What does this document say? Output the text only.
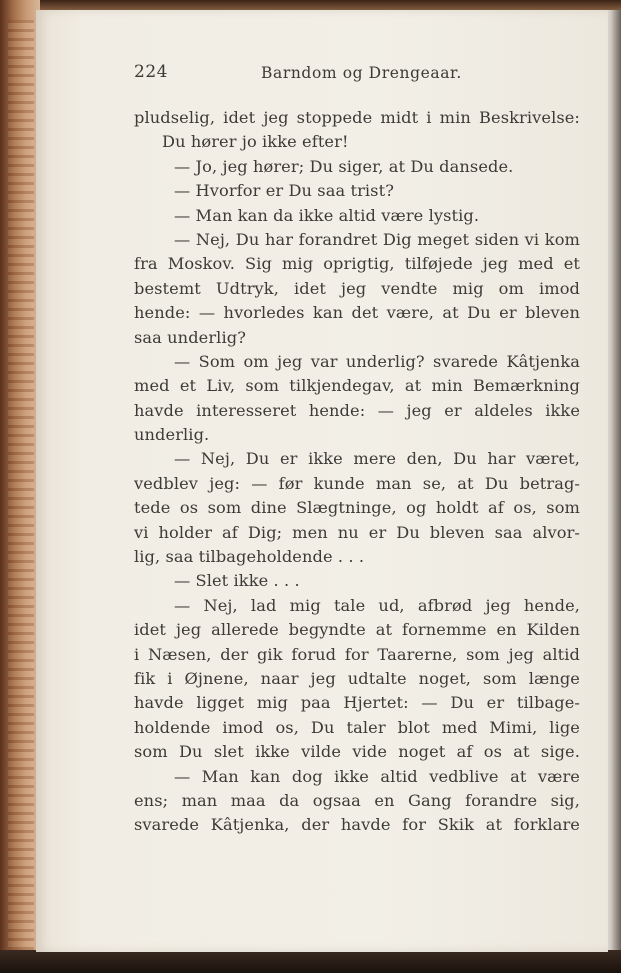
224	Barndom og Drengeaar.
pludselig, idet jeg stoppede midt i min Beskrivelse:
Du hører jo ikke efter!
— Jo, jeg hører; Du siger, at Du dansede.
— Hvorfor er Du saa trist?
— Man kan da ikke altid være lystig.
— Nej, Du har forandret Dig meget siden vi kom
fra Moskov. Sig mig oprigtig, tilføjede jeg med et
bestemt Udtryk, idet jeg vendte mig om imod
hende: — hvorledes kan det være, at Du er bleven
saa underlig?
— Som om jeg var underlig? svarede Kâtjenka
med et Liv, som tilkjendegav, at min Bemærkning
havde interesseret hende: — jeg er aldeles ikke
underlig.
— Nej, Du er ikke mere den, Du har været,
vedblev jeg: — før kunde man se, at Du betrag-
tede os som dine Slægtninge, og holdt af os, som
vi holder af Dig; men nu er Du bleven saa alvor-
lig, saa tilbageholdende . . .
— Slet ikke . . .
— Nej, lad mig tale ud, afbrød jeg hende,
idet jeg allerede begyndte at fornemme en Kilden
i Næsen, der gik forud for Taarerne, som jeg altid
fik i Øjnene, naar jeg udtalte noget, som længe
havde ligget mig paa Hjertet: — Du er tilbage-
holdende imod os, Du taler blot med Mimi, lige
som Du slet ikke vilde vide noget af os at sige.
— Man kan dog ikke altid vedblive at være
ens; man maa da ogsaa en Gang forandre sig,
svarede Kâtjenka, der havde for Skik at forklare
